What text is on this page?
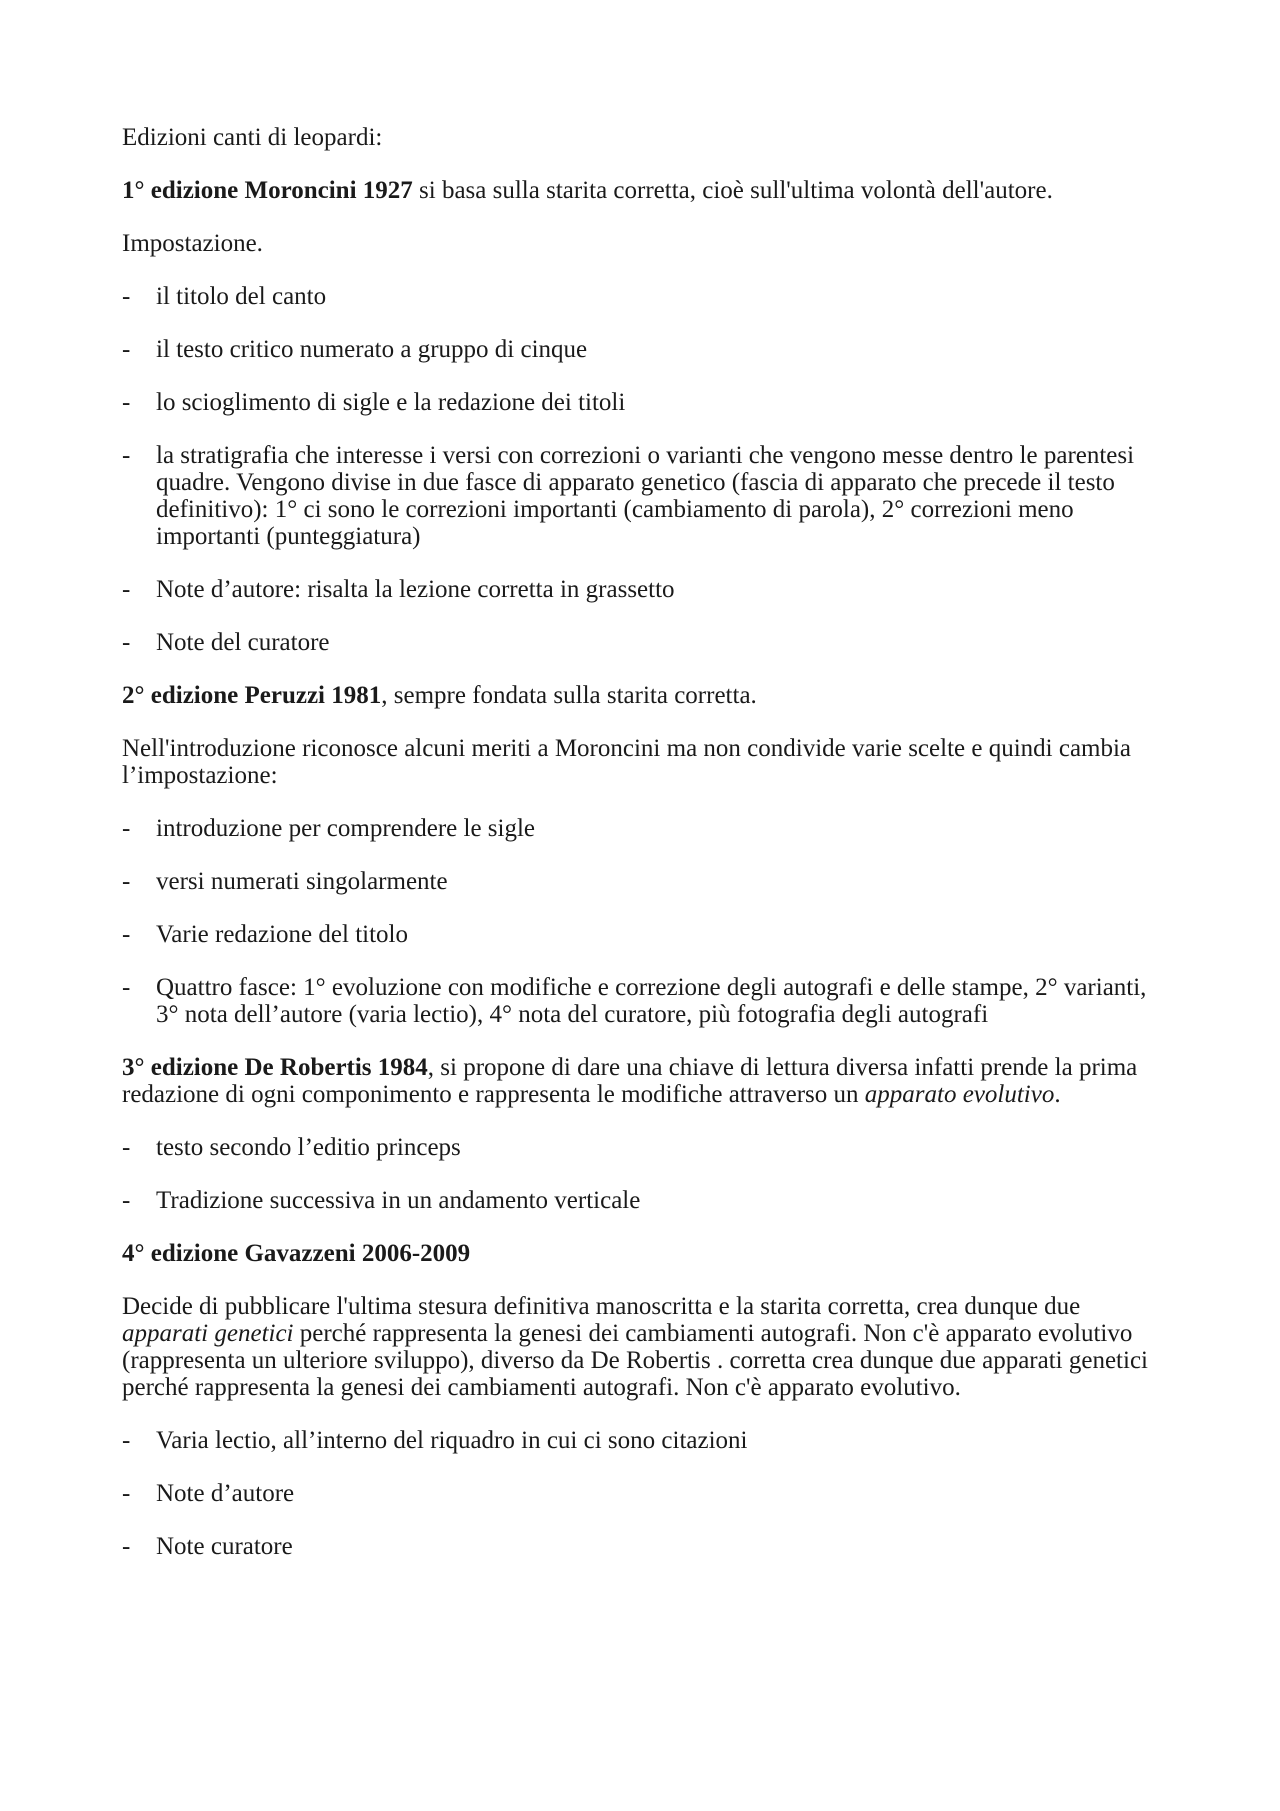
Edizioni canti di leopardi:

1° edizione Moroncini 1927 si basa sulla starita corretta, cioè sull'ultima volontà dell'autore.

Impostazione.

- il titolo del canto
- il testo critico numerato a gruppo di cinque
- lo scioglimento di sigle e la redazione dei titoli
- la stratigrafia che interesse i versi con correzioni o varianti che vengono messe dentro le parentesi quadre. Vengono divise in due fasce di apparato genetico (fascia di apparato che precede il testo definitivo): 1° ci sono le correzioni importanti (cambiamento di parola), 2° correzioni meno importanti (punteggiatura)
- Note d’autore: risalta la lezione corretta in grassetto
- Note del curatore

2° edizione Peruzzi 1981, sempre fondata sulla starita corretta.

Nell'introduzione riconosce alcuni meriti a Moroncini ma non condivide varie scelte e quindi cambia l’impostazione:

- introduzione per comprendere le sigle
- versi numerati singolarmente
- Varie redazione del titolo
- Quattro fasce: 1° evoluzione con modifiche e correzione degli autografi e delle stampe, 2° varianti, 3° nota dell’autore (varia lectio), 4° nota del curatore, più fotografia degli autografi

3° edizione De Robertis 1984, si propone di dare una chiave di lettura diversa infatti prende la prima redazione di ogni componimento e rappresenta le modifiche attraverso un apparato evolutivo.

- testo secondo l’editio princeps
- Tradizione successiva in un andamento verticale

4° edizione Gavazzeni 2006-2009

Decide di pubblicare l'ultima stesura definitiva manoscritta e la starita corretta, crea dunque due apparati genetici perché rappresenta la genesi dei cambiamenti autografi. Non c'è apparato evolutivo (rappresenta un ulteriore sviluppo), diverso da De Robertis . corretta crea dunque due apparati genetici perché rappresenta la genesi dei cambiamenti autografi. Non c'è apparato evolutivo.

- Varia lectio, all’interno del riquadro in cui ci sono citazioni
- Note d’autore
- Note curatore
